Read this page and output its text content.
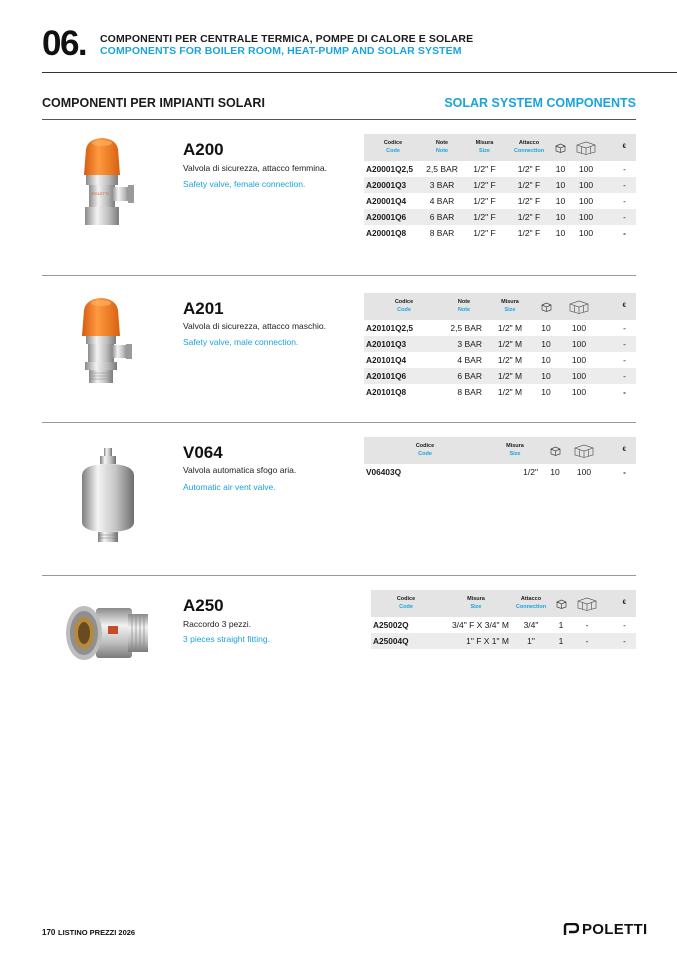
06. COMPONENTI PER CENTRALE TERMICA, POMPE DI CALORE E SOLARE
COMPONENTS FOR BOILER ROOM, HEAT-PUMP AND SOLAR SYSTEM
COMPONENTI PER IMPIANTI SOLARI	SOLAR SYSTEM COMPONENTS
POLETTI
A200
Valvola di sicurezza, attacco femmina.
Safety valve, female connection.
Codice
Code	Note
Note	Misura
Size	Attacco
Connection			€
A20001Q2,5	2,5 BAR	1/2" F	1/2" F	10	100	-
A20001Q3	3 BAR	1/2" F	1/2" F	10	100	-
A20001Q4	4 BAR	1/2" F	1/2" F	10	100	-
A20001Q6	6 BAR	1/2" F	1/2" F	10	100	-
A20001Q8	8 BAR	1/2" F	1/2" F	10	100	-
A201
Valvola di sicurezza, attacco maschio.
Safety valve, male connection.
Codice
Code	Note
Note	Misura
Size			€
A20101Q2,5	2,5 BAR	1/2" M	10	100	-
A20101Q3	3 BAR	1/2" M	10	100	-
A20101Q4	4 BAR	1/2" M	10	100	-
A20101Q6	6 BAR	1/2" M	10	100	-
A20101Q8	8 BAR	1/2" M	10	100	-
V064
Valvola automatica sfogo aria.
Automatic air vent valve.
Codice
Code	Misura
Size			€
V06403Q	1/2"	10	100	-
A250
Raccordo 3 pezzi.
3 pieces straight fitting.
Codice
Code	Misura
Size	Attacco
Connection			€
A25002Q	3/4" F X 3/4" M	3/4"	1	-	-
A25004Q	1" F X 1" M	1"	1	-	-
170 LISTINO PREZZI 2026	POLETTI
